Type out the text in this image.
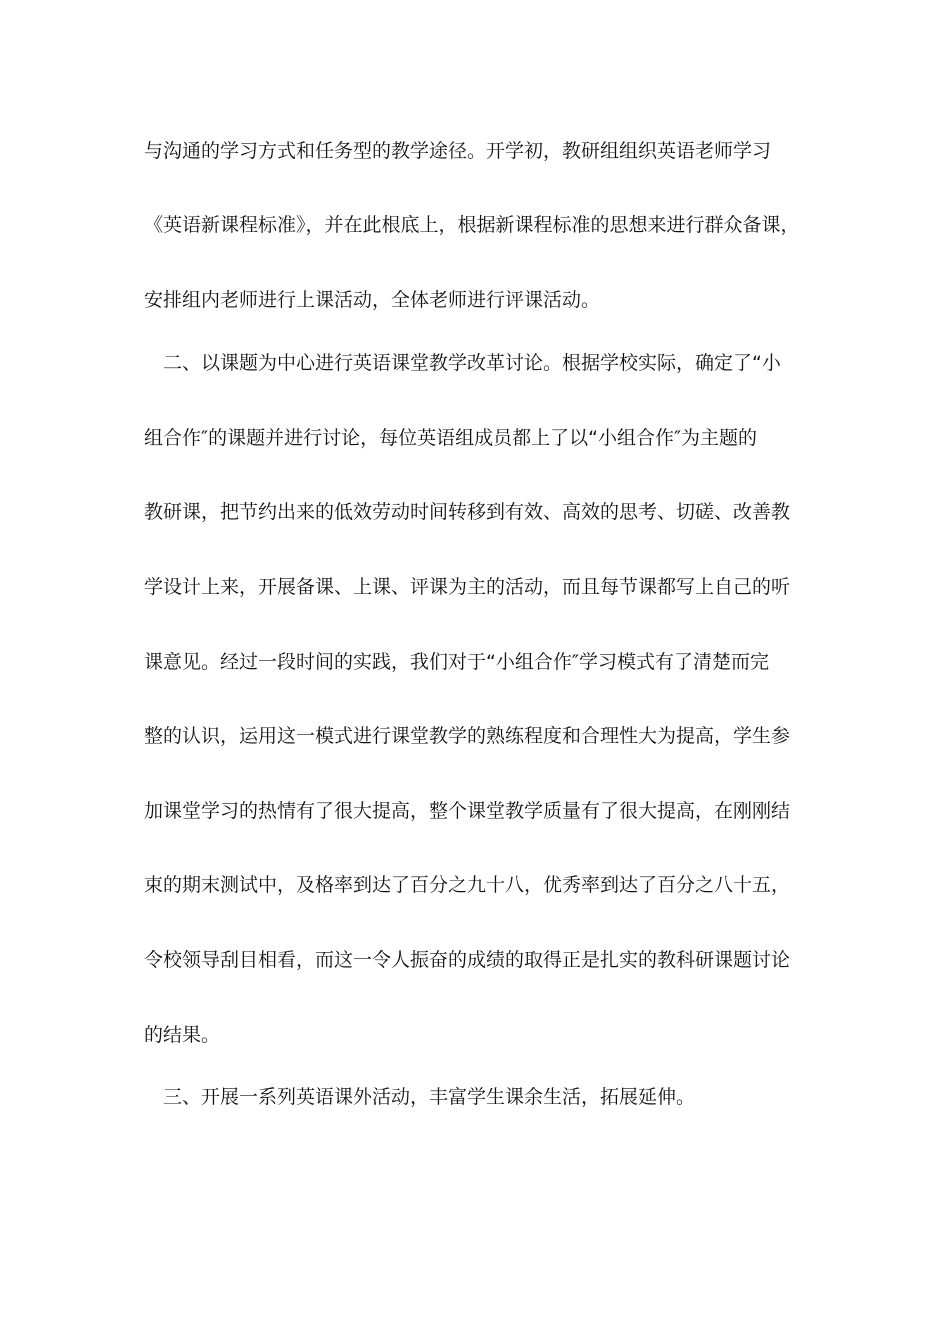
与沟通的学习方式和任务型的教学途径。开学初，教研组组织英语老师学习
《英语新课程标准》，并在此根底上，根据新课程标准的思想来进行群众备课，
安排组内老师进行上课活动，全体老师进行评课活动。
二、以课题为中心进行英语课堂教学改革讨论。根据学校实际，确定了“小
组合作″的课题并进行讨论，每位英语组成员都上了以“小组合作″为主题的
教研课，把节约出来的低效劳动时间转移到有效、高效的思考、切磋、改善教
学设计上来，开展备课、上课、评课为主的活动，而且每节课都写上自己的听
课意见。经过一段时间的实践，我们对于“小组合作″学习模式有了清楚而完
整的认识，运用这一模式进行课堂教学的熟练程度和合理性大为提高，学生参
加课堂学习的热情有了很大提高，整个课堂教学质量有了很大提高，在刚刚结
束的期末测试中，及格率到达了百分之九十八，优秀率到达了百分之八十五，
令校领导刮目相看，而这一令人振奋的成绩的取得正是扎实的教科研课题讨论
的结果。
三、开展一系列英语课外活动，丰富学生课余生活，拓展延伸。
